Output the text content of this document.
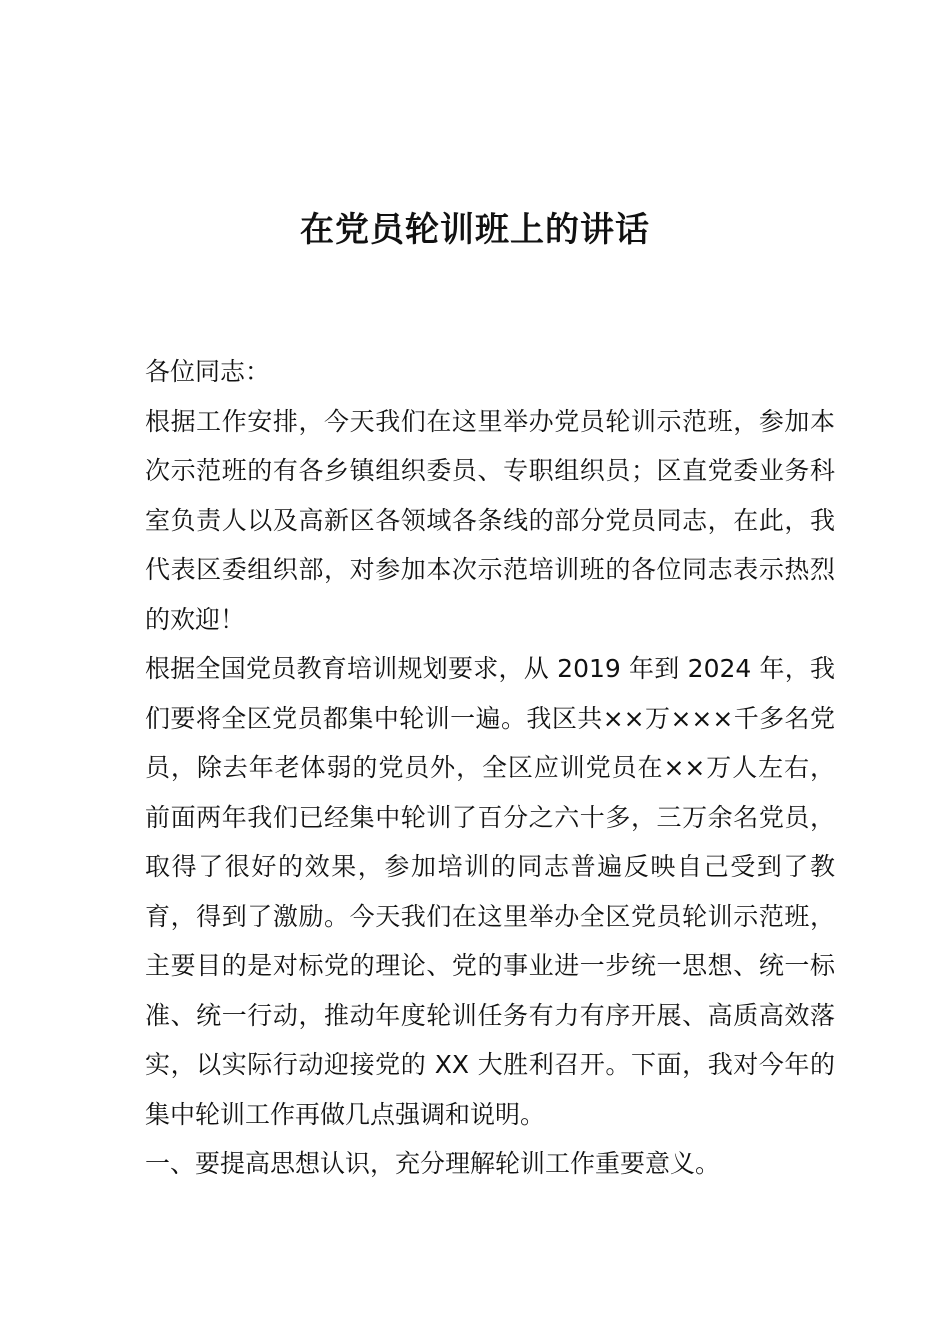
在党员轮训班上的讲话

各位同志：

根据工作安排，今天我们在这里举办党员轮训示范班，参加本次示范班的有各乡镇组织委员、专职组织员；区直党委业务科室负责人以及高新区各领域各条线的部分党员同志，在此，我代表区委组织部，对参加本次示范培训班的各位同志表示热烈的欢迎！

根据全国党员教育培训规划要求，从 2019 年到 2024 年，我们要将全区党员都集中轮训一遍。我区共××万×××千多名党员，除去年老体弱的党员外，全区应训党员在××万人左右，前面两年我们已经集中轮训了百分之六十多，三万余名党员，取得了很好的效果，参加培训的同志普遍反映自己受到了教育，得到了激励。今天我们在这里举办全区党员轮训示范班，主要目的是对标党的理论、党的事业进一步统一思想、统一标准、统一行动，推动年度轮训任务有力有序开展、高质高效落实，以实际行动迎接党的 XX 大胜利召开。下面，我对今年的集中轮训工作再做几点强调和说明。

一、要提高思想认识，充分理解轮训工作重要意义。
